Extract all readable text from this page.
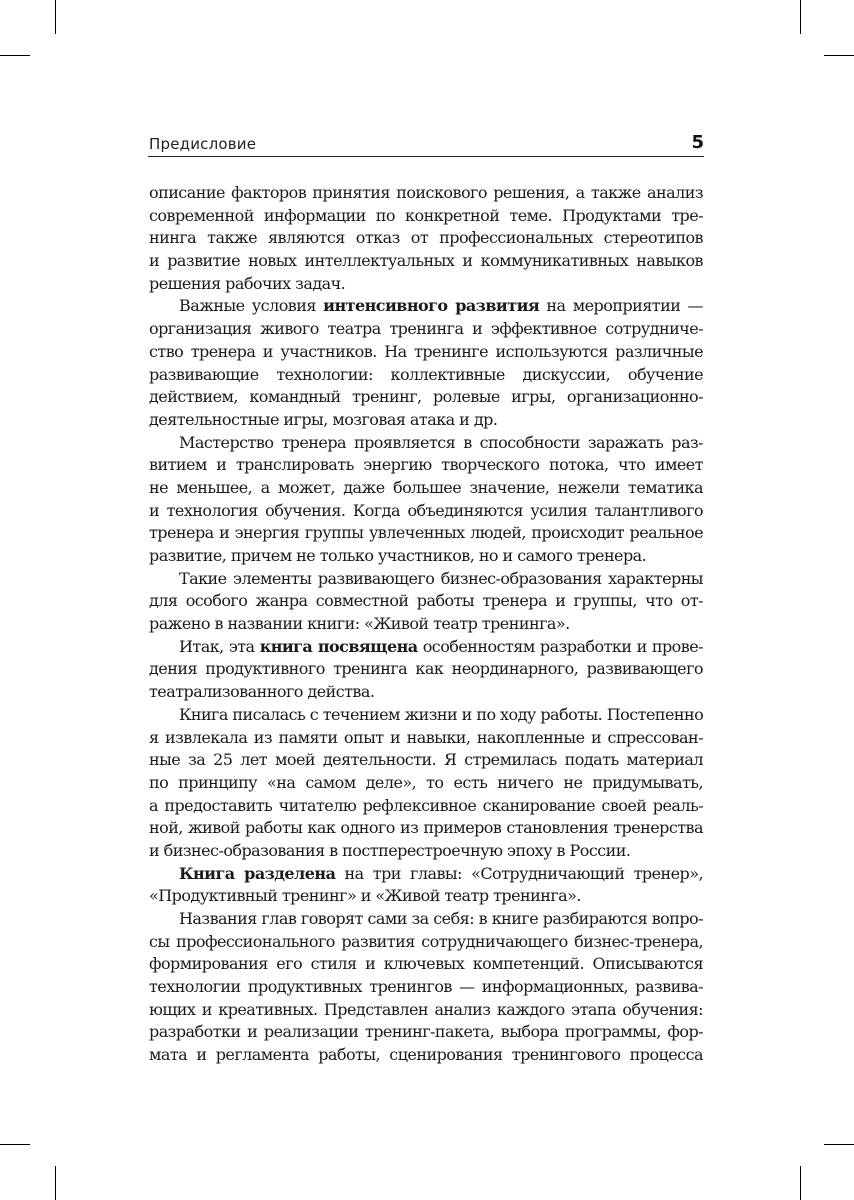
Предисловие	5
описание факторов принятия поискового решения, а также анализ
современной информации по конкретной теме. Продуктами тре-
нинга также являются отказ от профессиональных стереотипов
и развитие новых интеллектуальных и коммуникативных навыков
решения рабочих задач.
Важные условия интенсивного развития на мероприятии —
организация живого театра тренинга и эффективное сотрудниче-
ство тренера и участников. На тренинге используются различные
развивающие технологии: коллективные дискуссии, обучение
действием, командный тренинг, ролевые игры, организационно-
деятельностные игры, мозговая атака и др.
Мастерство тренера проявляется в способности заражать раз-
витием и транслировать энергию творческого потока, что имеет
не меньшее, а может, даже большее значение, нежели тематика
и технология обучения. Когда объединяются усилия талантливого
тренера и энергия группы увлеченных людей, происходит реальное
развитие, причем не только участников, но и самого тренера.
Такие элементы развивающего бизнес-образования характерны
для особого жанра совместной работы тренера и группы, что от-
ражено в названии книги: «Живой театр тренинга».
Итак, эта книга посвящена особенностям разработки и прове-
дения продуктивного тренинга как неординарного, развивающего
театрализованного действа.
Книга писалась с течением жизни и по ходу работы. Постепенно
я извлекала из памяти опыт и навыки, накопленные и спрессован-
ные за 25 лет моей деятельности. Я стремилась подать материал
по принципу «на самом деле», то есть ничего не придумывать,
а предоставить читателю рефлексивное сканирование своей реаль-
ной, живой работы как одного из примеров становления тренерства
и бизнес-образования в постперестроечную эпоху в России.
Книга разделена на три главы: «Сотрудничающий тренер»,
«Продуктивный тренинг» и «Живой театр тренинга».
Названия глав говорят сами за себя: в книге разбираются вопро-
сы профессионального развития сотрудничающего бизнес-тренера,
формирования его стиля и ключевых компетенций. Описываются
технологии продуктивных тренингов — информационных, развива-
ющих и креативных. Представлен анализ каждого этапа обучения:
разработки и реализации тренинг-пакета, выбора программы, фор-
мата и регламента работы, сценирования тренингового процесса
